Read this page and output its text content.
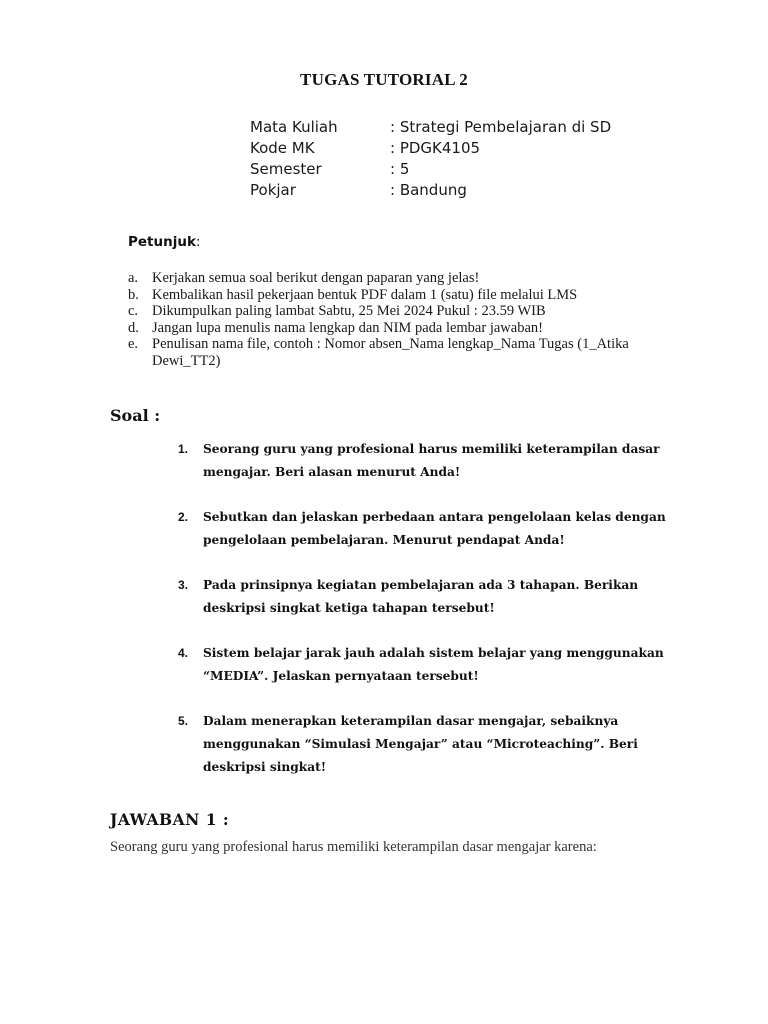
TUGAS TUTORIAL 2
Mata Kuliah	: Strategi Pembelajaran di SD
Kode MK	: PDGK4105
Semester	: 5
Pokjar	: Bandung
Petunjuk:
a. Kerjakan semua soal berikut dengan paparan yang jelas!
b. Kembalikan hasil pekerjaan bentuk PDF dalam 1 (satu) file melalui LMS
c. Dikumpulkan paling lambat Sabtu, 25 Mei 2024 Pukul : 23.59 WIB
d. Jangan lupa menulis nama lengkap dan NIM pada lembar jawaban!
e. Penulisan nama file, contoh : Nomor absen_Nama lengkap_Nama Tugas (1_Atika Dewi_TT2)
Soal :
1.	Seorang guru yang profesional harus memiliki keterampilan dasar mengajar. Beri alasan menurut Anda!
2.	Sebutkan dan jelaskan perbedaan antara pengelolaan kelas dengan pengelolaan pembelajaran. Menurut pendapat Anda!
3.	Pada prinsipnya kegiatan pembelajaran ada 3 tahapan. Berikan deskripsi singkat ketiga tahapan tersebut!
4.	Sistem belajar jarak jauh adalah sistem belajar yang menggunakan “MEDIA”. Jelaskan pernyataan tersebut!
5.	Dalam menerapkan keterampilan dasar mengajar, sebaiknya menggunakan “Simulasi Mengajar” atau “Microteaching”. Beri deskripsi singkat!
JAWABAN 1 :
Seorang guru yang profesional harus memiliki keterampilan dasar mengajar karena:
